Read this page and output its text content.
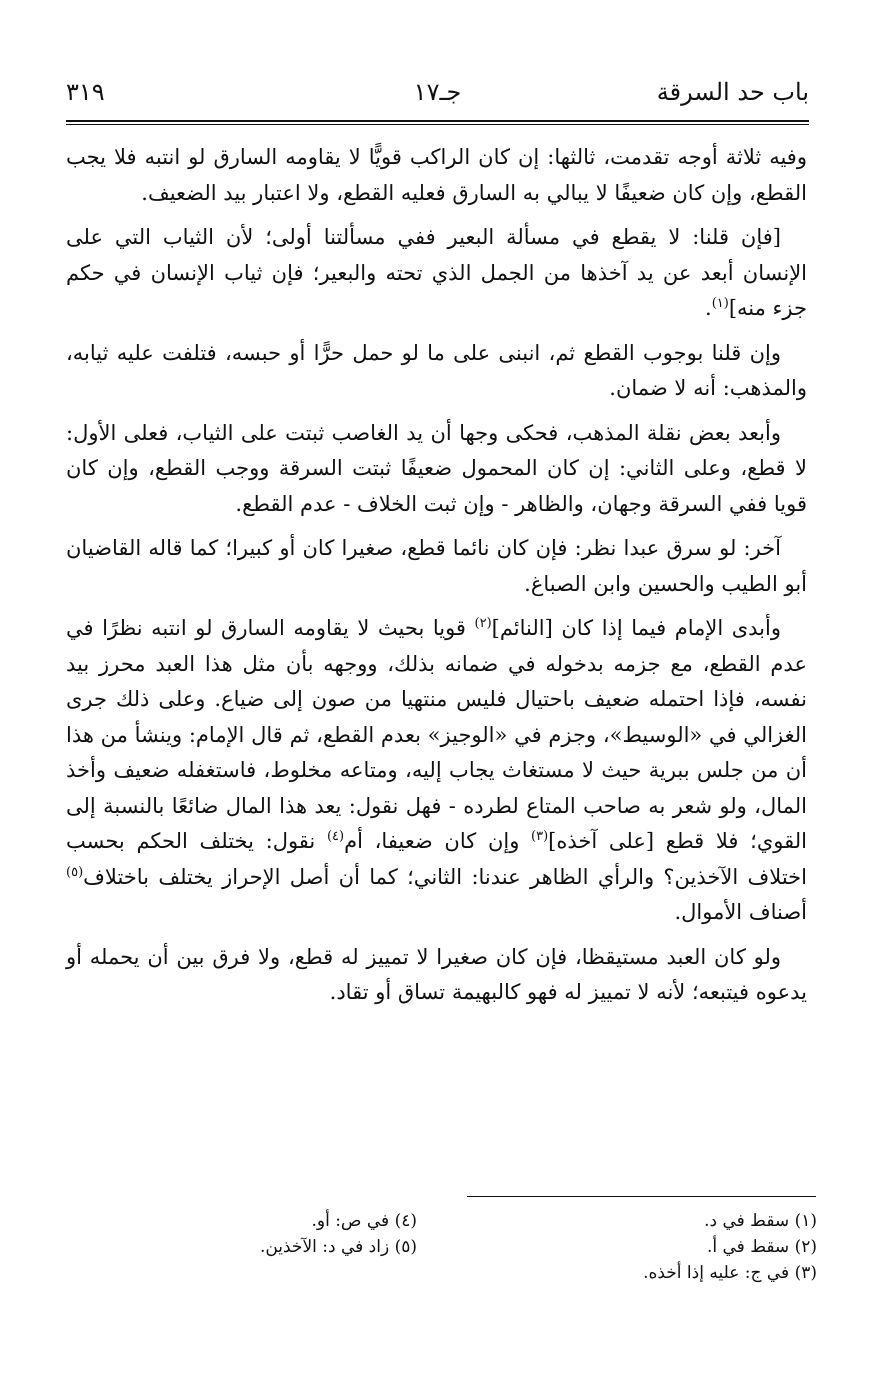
باب حد السرقة
جـ١٧
٣١٩

وفيه ثلاثة أوجه تقدمت، ثالثها: إن كان الراكب قويًّا لا يقاومه السارق لو انتبه فلا يجب القطع، وإن كان ضعيفًا لا يبالي به السارق فعليه القطع، ولا اعتبار بيد الضعيف.

[فإن قلنا: لا يقطع في مسألة البعير ففي مسألتنا أولى؛ لأن الثياب التي على الإنسان أبعد عن يد آخذها من الجمل الذي تحته والبعير؛ فإن ثياب الإنسان في حكم جزء منه]$^{(١)}$.

وإن قلنا بوجوب القطع ثم، انبنى على ما لو حمل حرًّا أو حبسه، فتلفت عليه ثيابه، والمذهب: أنه لا ضمان.

وأبعد بعض نقلة المذهب، فحكى وجها أن يد الغاصب ثبتت على الثياب، فعلى الأول: لا قطع، وعلى الثاني: إن كان المحمول ضعيفًا ثبتت السرقة ووجب القطع، وإن كان قويا ففي السرقة وجهان، والظاهر - وإن ثبت الخلاف - عدم القطع.

آخر: لو سرق عبدا نظر: فإن كان نائما قطع، صغيرا كان أو كبيرا؛ كما قاله القاضيان أبو الطيب والحسين وابن الصباغ.

وأبدى الإمام فيما إذا كان [النائم]$^{(٢)}$ قويا بحيث لا يقاومه السارق لو انتبه نظرًا في عدم القطع، مع جزمه بدخوله في ضمانه بذلك، ووجهه بأن مثل هذا العبد محرز بيد نفسه، فإذا احتمله ضعيف باحتيال فليس منتهيا من صون إلى ضياع. وعلى ذلك جرى الغزالي في «الوسيط»، وجزم في «الوجيز» بعدم القطع، ثم قال الإمام: وينشأ من هذا أن من جلس ببرية حيث لا مستغاث يجاب إليه، ومتاعه مخلوط، فاستغفله ضعيف وأخذ المال، ولو شعر به صاحب المتاع لطرده - فهل نقول: يعد هذا المال ضائعًا بالنسبة إلى القوي؛ فلا قطع [على آخذه]$^{(٣)}$ وإن كان ضعيفا، أم$^{(٤)}$ نقول: يختلف الحكم بحسب اختلاف الآخذين؟ والرأي الظاهر عندنا: الثاني؛ كما أن أصل الإحراز يختلف باختلاف$^{(٥)}$ أصناف الأموال.

ولو كان العبد مستيقظا، فإن كان صغيرا لا تمييز له قطع، ولا فرق بين أن يحمله أو يدعوه فيتبعه؛ لأنه لا تمييز له فهو كالبهيمة تساق أو تقاد.

(١) سقط في د.
(٢) سقط في أ.
(٣) في ج: عليه إذا أخذه.
(٤) في ص: أو.
(٥) زاد في د: الآخذين.
